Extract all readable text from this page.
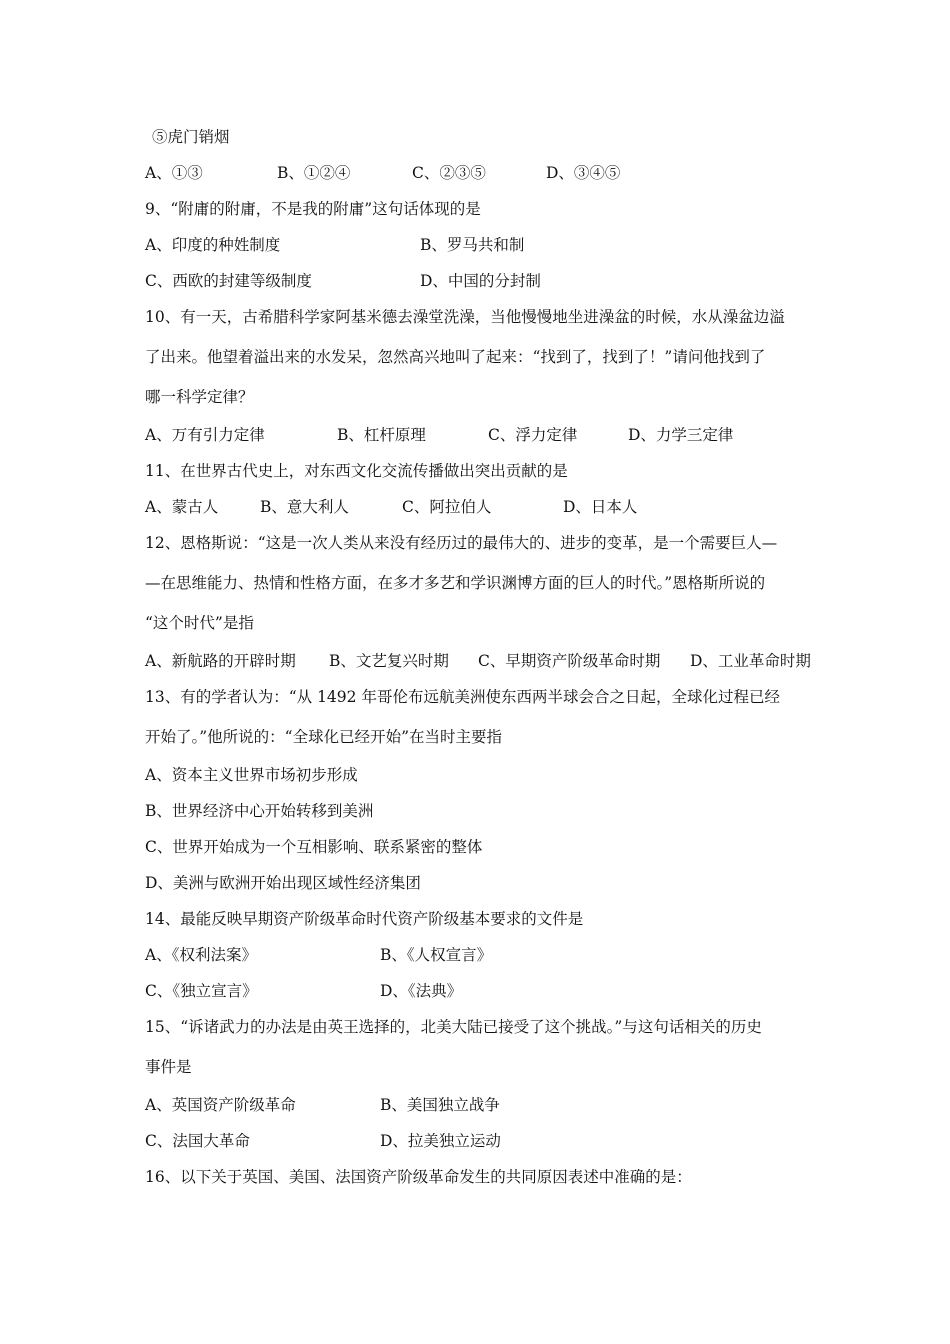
⑤虎门销烟
A、①③	B、①②④	C、②③⑤	D、③④⑤
9、“附庸的附庸，不是我的附庸”这句话体现的是
A、印度的种姓制度	B、罗马共和制
C、西欧的封建等级制度	D、中国的分封制
10、有一天，古希腊科学家阿基米德去澡堂洗澡，当他慢慢地坐进澡盆的时候，水从澡盆边溢
了出来。他望着溢出来的水发呆，忽然高兴地叫了起来：“找到了，找到了！”请问他找到了
哪一科学定律？
A、万有引力定律	B、杠杆原理	C、浮力定律	D、力学三定律
11、在世界古代史上，对东西文化交流传播做出突出贡献的是
A、蒙古人	B、意大利人	C、阿拉伯人	D、日本人
12、恩格斯说：“这是一次人类从来没有经历过的最伟大的、进步的变革，是一个需要巨人—
—在思维能力、热情和性格方面，在多才多艺和学识渊博方面的巨人的时代。”恩格斯所说的
“这个时代”是指
A、新航路的开辟时期 B、文艺复兴时期 C、早期资产阶级革命时期 D、工业革命时期
13、有的学者认为：“从 1492 年哥伦布远航美洲使东西两半球会合之日起，全球化过程已经
开始了。”他所说的：“全球化已经开始”在当时主要指
A、资本主义世界市场初步形成
B、世界经济中心开始转移到美洲
C、世界开始成为一个互相影响、联系紧密的整体
D、美洲与欧洲开始出现区域性经济集团
14、最能反映早期资产阶级革命时代资产阶级基本要求的文件是
A、《权利法案》	B、《人权宣言》
C、《独立宣言》	D、《法典》
15、“诉诸武力的办法是由英王选择的，北美大陆已接受了这个挑战。”与这句话相关的历史
事件是
A、英国资产阶级革命	B、美国独立战争
C、法国大革命	D、拉美独立运动
16、以下关于英国、美国、法国资产阶级革命发生的共同原因表述中准确的是：
